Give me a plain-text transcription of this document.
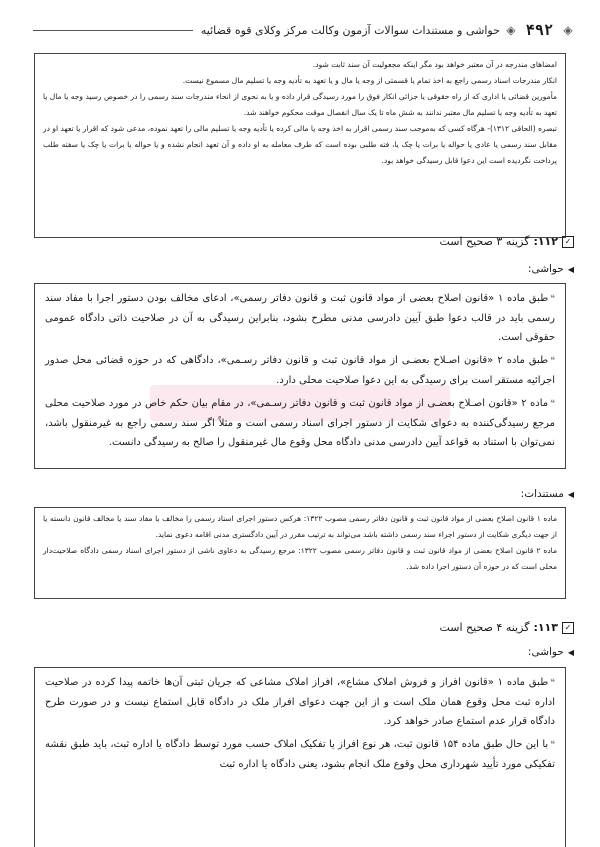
◈
۴۹۲
◈
حواشی و مستندات سوالات آزمون وکالت مرکز وکلای قوه قضائیه

امضاهای مندرجه در آن معتبر خواهد بود مگر اینکه مجعولیت آن سند ثابت شود.

انکار مندرجات اسناد رسمی راجع به اخذ تمام یا قسمتی از وجه یا مال و یا تعهد به تأدیه وجه یا تسلیم مال مسموع نیست.

مأمورین قضائی یا اداری که از راه حقوقی یا جزائی انکار فوق را مورد رسیدگی قرار داده و یا به نحوی از انحاء مندرجات سند رسمی را در خصوص رسید وجه یا مال یا تعهد به تأدیه وجه یا تسلیم مال معتبر ندانند به شش ماه تا یک سال انفصال موقت محکوم خواهند شد.

تبصره (الحاقی ۱۳۱۲)- هرگاه کسی که به‌موجب سند رسمی اقرار به اخذ وجه یا مالی کرده یا تأدیه وجه یا تسلیم مالی را تعهد نموده، مدعی شود که اقرار یا تعهد او در مقابل سند رسمی یا عادی یا حواله یا برات یا چک یا، فته طلبی بوده است که طرف معامله به او داده و آن تعهد انجام نشده و یا حواله یا برات یا چک یا سفته طلب پرداخت نگردیده است این دعوا قابل رسیدگی خواهد بود.

✓
۱۱۲:
گزینه ۳ صحیح است
◀
حواشی:

❝طبق ماده ۱ «قانون اصلاح بعضی از مواد قانون ثبت و قانون دفاتر رسمی»، ادعای مخالف بودن دستور اجرا با مفاد سند رسمی باید در قالب دعوا طبق آیین دادرسی مدنی مطرح بشود، بنابراین رسیدگی به آن در صلاحیت ذاتی دادگاه عمومی حقوقی است.

❝طبق ماده ۲ «قانون اصـلاح بعضـی از مواد قانون ثبت و قانون دفاتر رسـمی»، دادگاهی که در حوزه قضائی محل صدور اجرائیه مستقر است برای رسیدگی به این دعوا صلاحیت محلی دارد.

❝ماده ۲ «قانون اصـلاح بعضـی از مواد قانون ثبت و قانون دفاتر رسـمی»، در مقام بیان حکم خاص در مورد صلاحیت محلی مرجع رسیدگی‌کننده به دعوای شکایت از دستور اجرای اسناد رسمی است و مثلاً اگر سند رسمی راجع به غیرمنقول باشد، نمی‌توان با استناد به قواعد آیین دادرسی مدنی دادگاه محل وقوع مال غیرمنقول را صالح به رسیدگی دانست.

◀
مستندات:

ماده ۱ قانون اصلاح بعضی از مواد قانون ثبت و قانون دفاتر رسمی مصوب ۱۳۲۲: هرکس دستور اجرای اسناد رسمی را مخالف با مفاد سند یا مخالف قانون دانسته یا از جهت دیگری شکایت از دستور اجراء سند رسمی داشته باشد می‌تواند به ترتیب مقرر در آیین دادگستری مدنی اقامه دعوی نماید.

ماده ۲ قانون اصلاح بعضی از مواد قانون ثبت و قانون دفاتر رسمی مصوب ۱۳۲۲: مرجع رسیدگی به دعاوی ناشی از دستور اجرای اسناد رسمی دادگاه صلاحیت‌دار محلی است که در حوزه آن دستور اجرا داده شد.

✓
۱۱۳:
گزینه ۴ صحیح است
◀
حواشی:

❝طبق ماده ۱ «قانون افراز و فروش املاک مشاع»، افراز املاک مشاعی که جریان ثبتی آن‌ها خاتمه پیدا کرده در صلاحیت اداره ثبت محل وقوع همان ملک است و از این جهت دعوای افراز ملک در دادگاه قابل استماع نیست و در صورت طرح دادگاه قرار عدم استماع صادر خواهد کرد.

❝با این حال طبق ماده ۱۵۴ قانون ثبت، هر نوع افراز یا تفکیک املاک حسب مورد توسط دادگاه یا اداره ثبت، باید طبق نقشه تفکیکی مورد تأیید شهرداری محل وقوع ملک انجام بشود، یعنی دادگاه یا اداره ثبت
